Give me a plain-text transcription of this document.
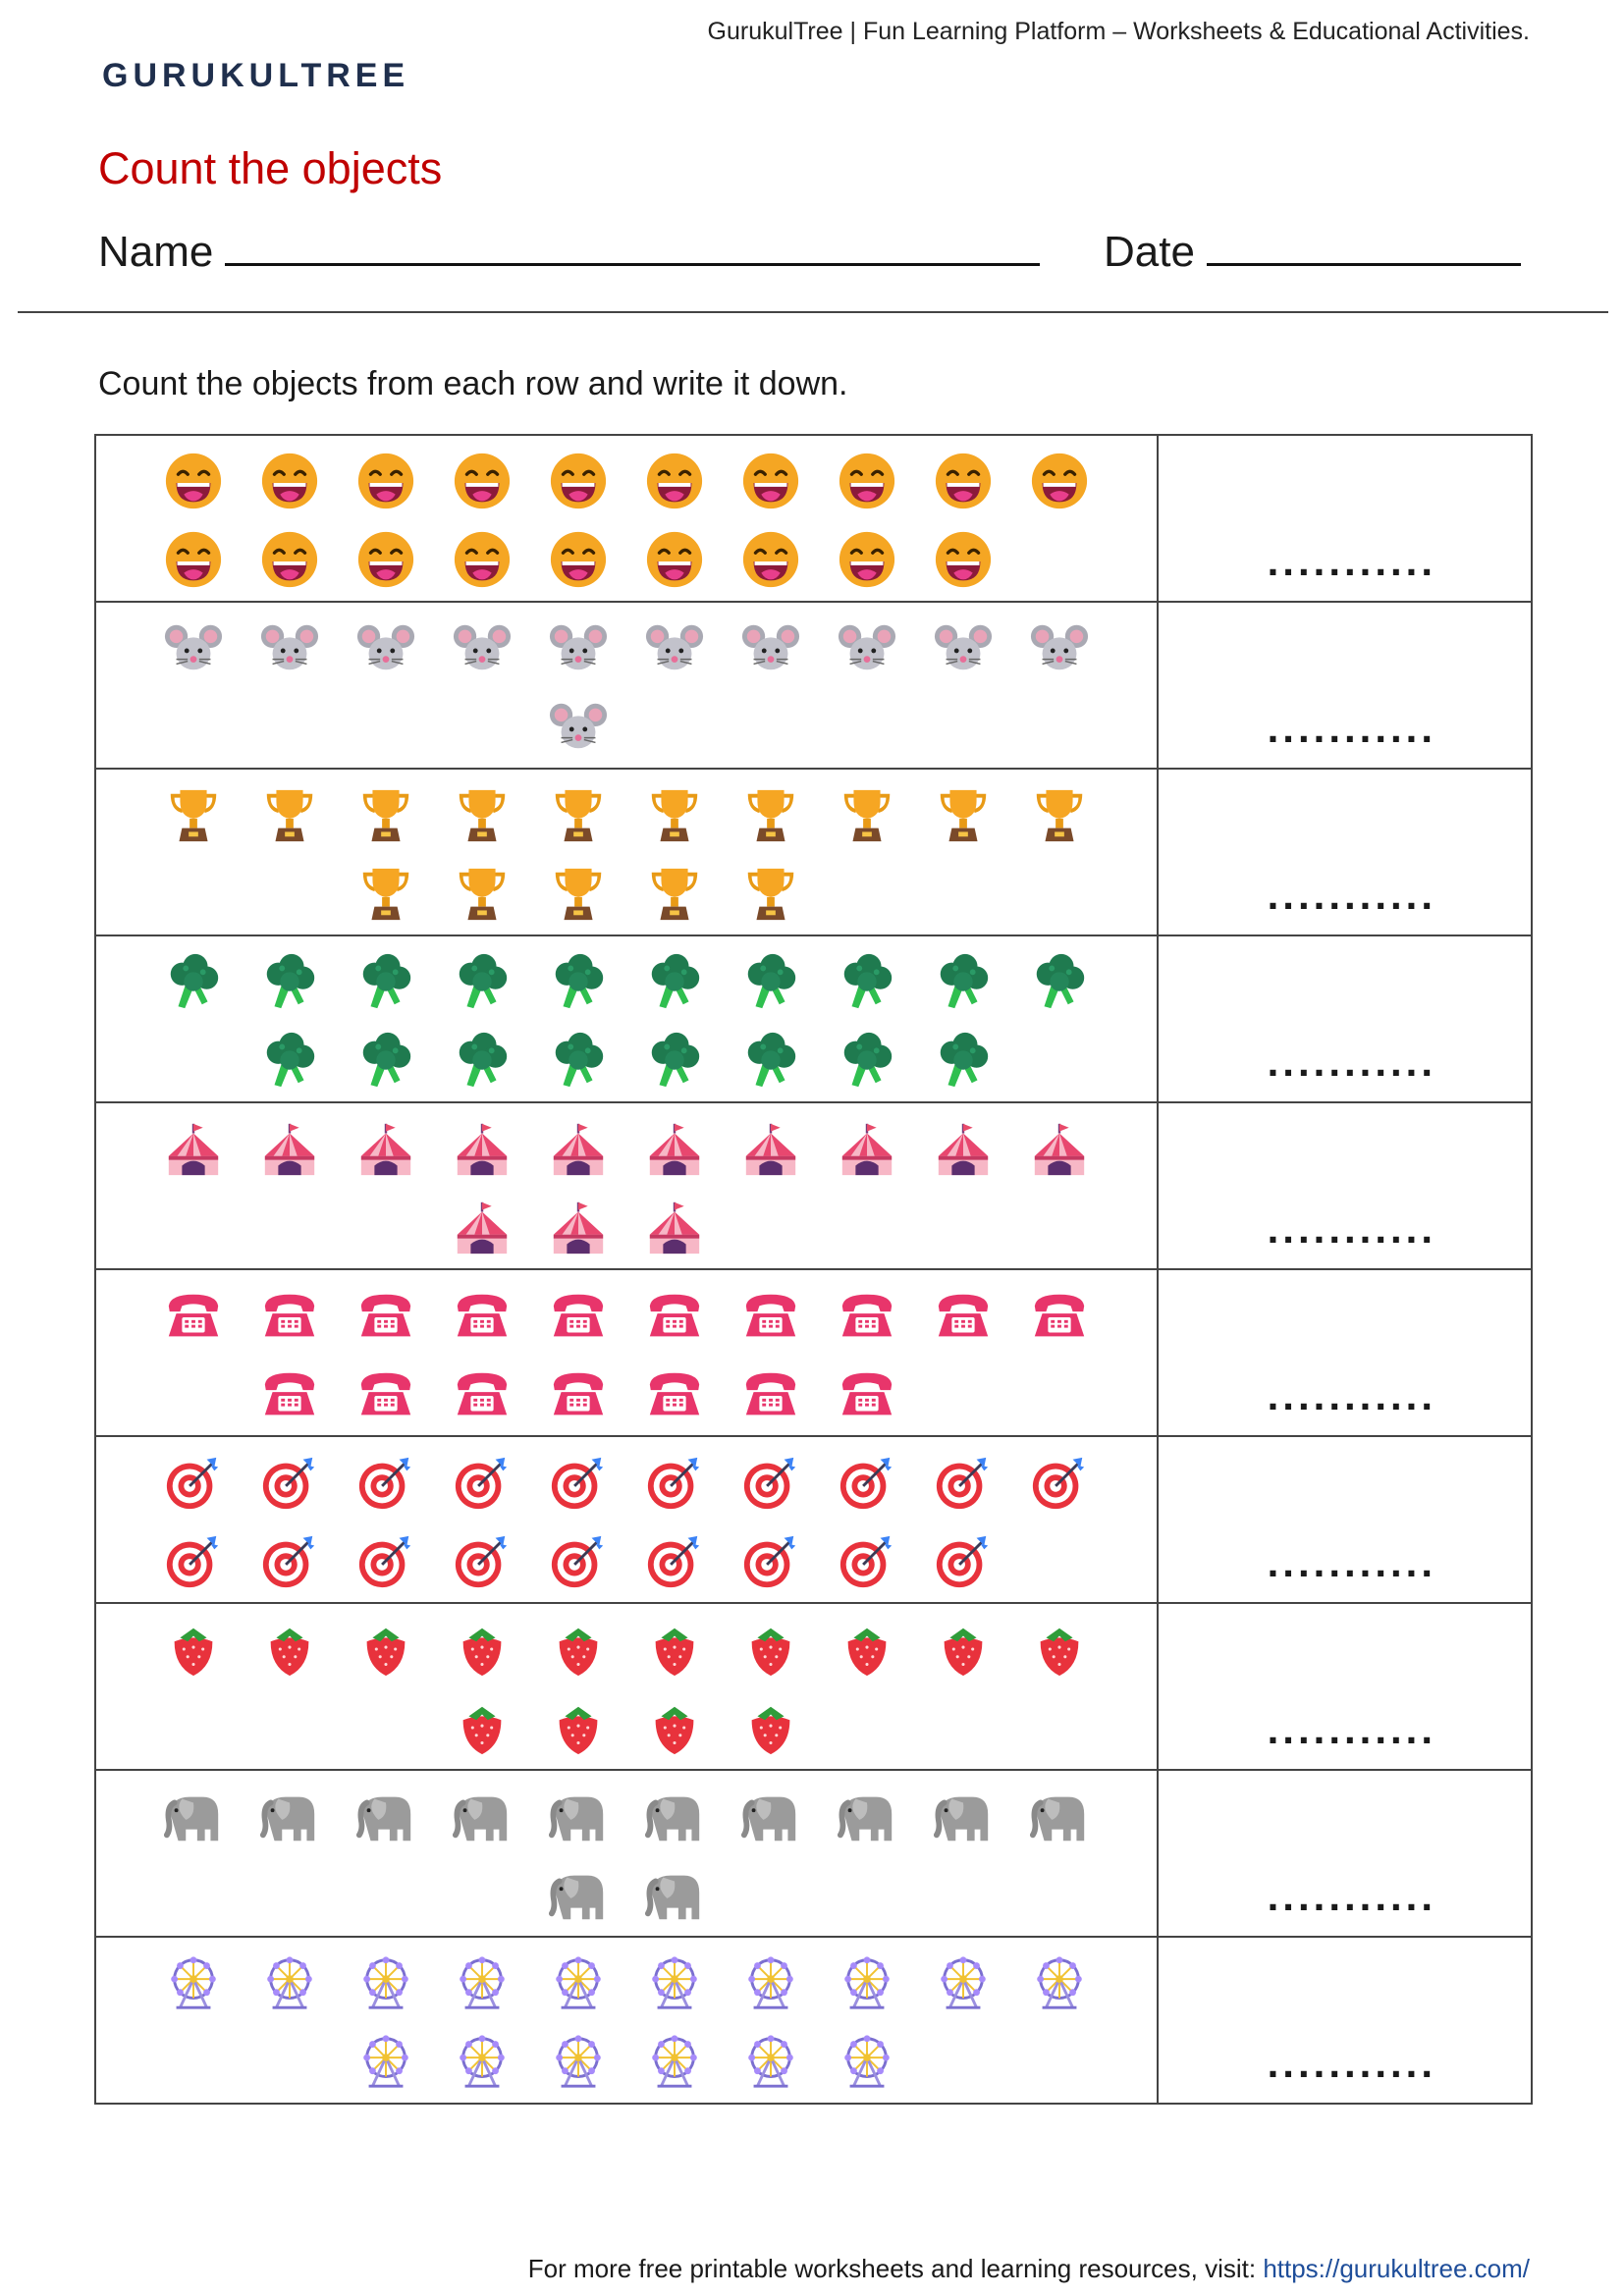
GurukulTree | Fun Learning Platform – Worksheets & Educational Activities.
GURUKULTREE
Count the objects
Name	Date
Count the objects from each row and write it down.
	...........

	...........

	...........

	...........

	...........

	...........

	...........

	...........

	...........

	...........
For more free printable worksheets and learning resources, visit: https://gurukultree.com/
